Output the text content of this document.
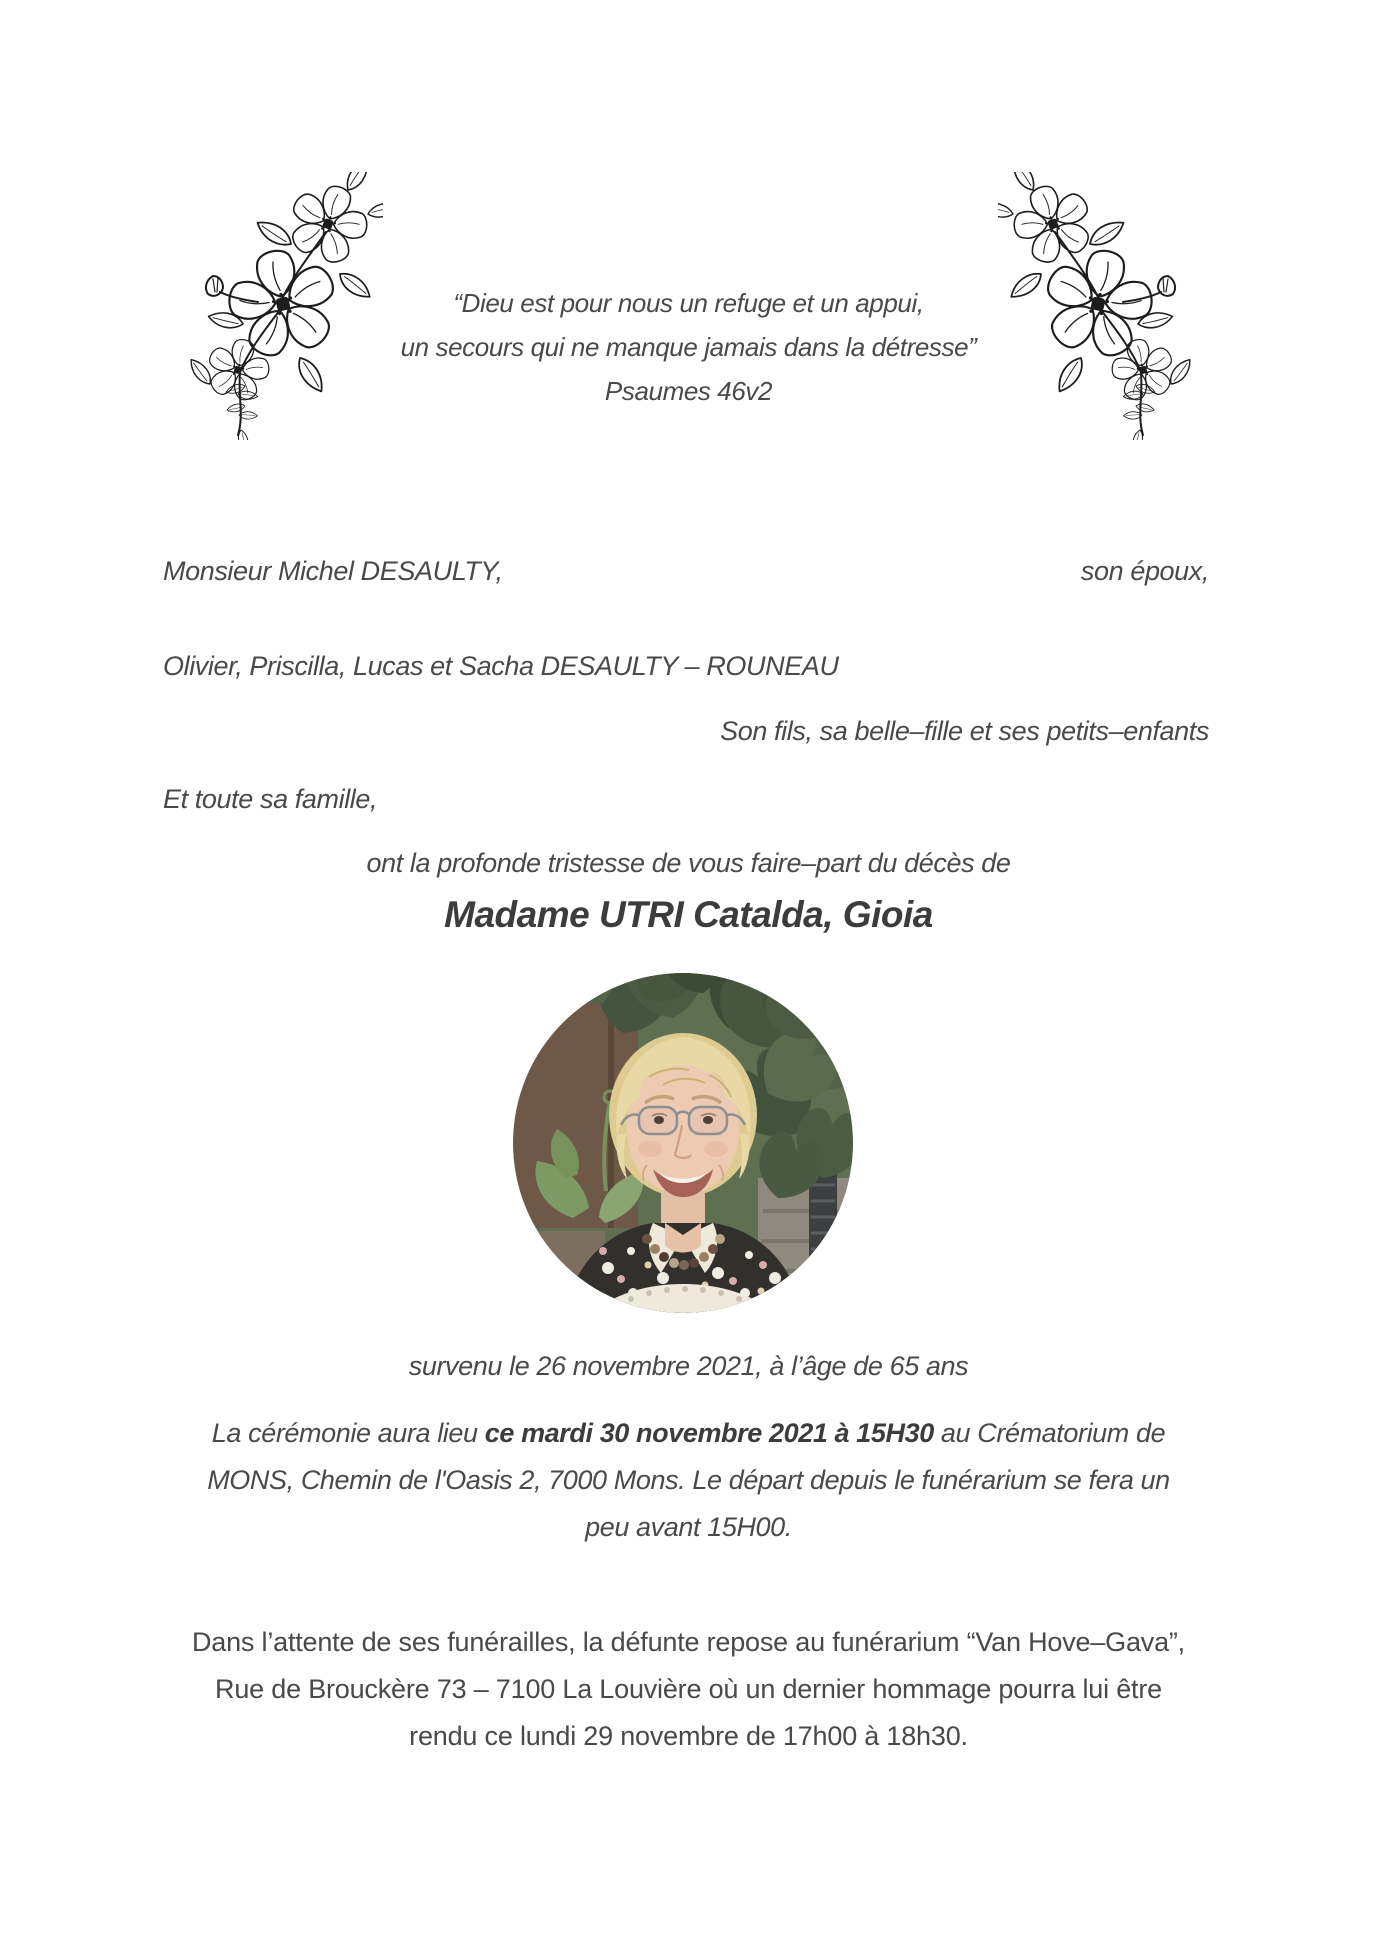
“Dieu est pour nous un refuge et un appui,
un secours qui ne manque jamais dans la détresse”
Psaumes 46v2
Monsieur Michel DESAULTY,	son époux,
Olivier, Priscilla, Lucas et Sacha DESAULTY – ROUNEAU
Son fils, sa belle–fille et ses petits–enfants
Et toute sa famille,
ont la profonde tristesse de vous faire–part du décès de
Madame UTRI Catalda, Gioia
survenu le 26 novembre 2021, à l’âge de 65 ans
La cérémonie aura lieu ce mardi 30 novembre 2021 à 15H30 au Crématorium de
MONS, Chemin de l'Oasis 2, 7000 Mons. Le départ depuis le funérarium se fera un
peu avant 15H00.
Dans l’attente de ses funérailles, la défunte repose au funérarium “Van Hove–Gava”,
Rue de Brouckère 73 – 7100 La Louvière où un dernier hommage pourra lui être
rendu ce lundi 29 novembre de 17h00 à 18h30.
